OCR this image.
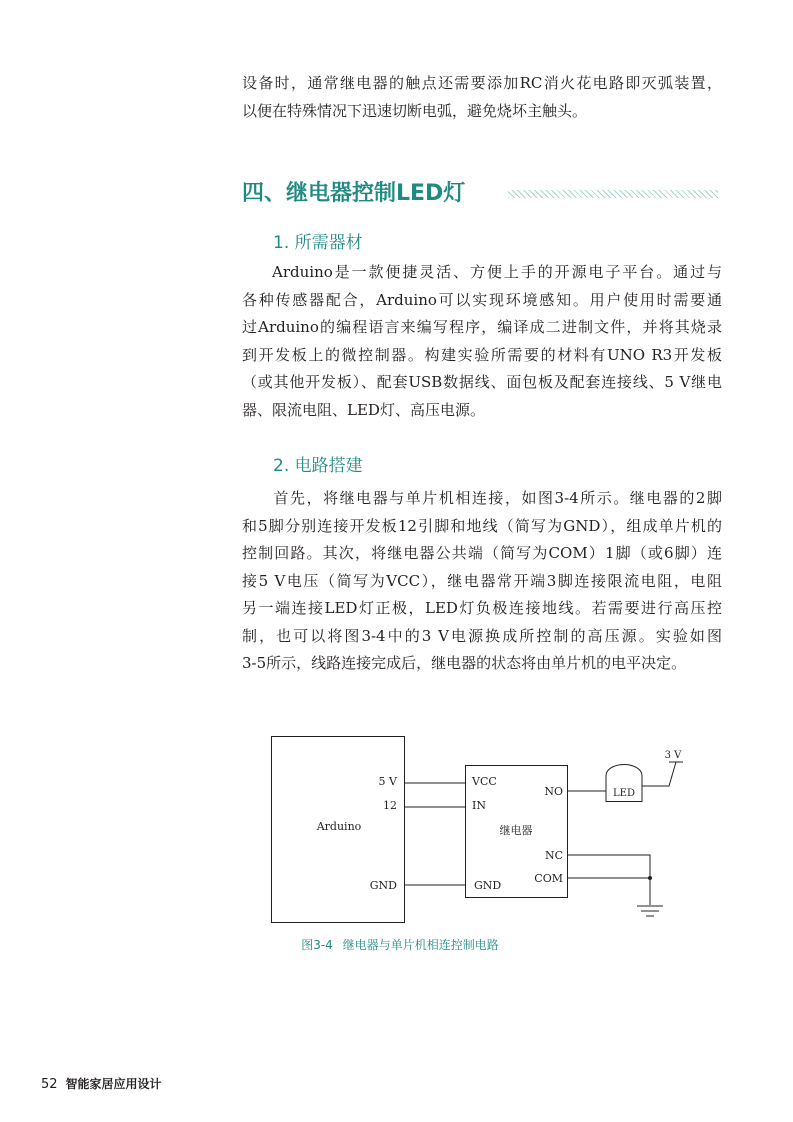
设备时，通常继电器的触点还需要添加RC消火花电路即灭弧装置，

以便在特殊情况下迅速切断电弧，避免烧坏主触头。

四、继电器控制LED灯
1. 所需器材

Arduino是一款便捷灵活、方便上手的开源电子平台。通过与

各种传感器配合，Arduino可以实现环境感知。用户使用时需要通

过Arduino的编程语言来编写程序，编译成二进制文件，并将其烧录

到开发板上的微控制器。构建实验所需要的材料有UNO R3开发板

（或其他开发板）、配套USB数据线、面包板及配套连接线、5 V继电

器、限流电阻、LED灯、高压电源。

2. 电路搭建

首先，将继电器与单片机相连接，如图3-4所示。继电器的2脚

和5脚分别连接开发板12引脚和地线（简写为GND），组成单片机的

控制回路。其次，将继电器公共端（简写为COM）1脚（或6脚）连

接5 V电压（简写为VCC），继电器常开端3脚连接限流电阻，电阻

另一端连接LED灯正极，LED灯负极连接地线。若需要进行高压控

制，也可以将图3-4中的3 V电源换成所控制的高压源。实验如图

3-5所示，线路连接完成后，继电器的状态将由单片机的电平决定。

Arduino
5 V
12
GND
VCC
IN
GND
继电器
NO
NC
COM
LED
3 V

图3-4 继电器与单片机相连控制电路

52 智能家居应用设计
